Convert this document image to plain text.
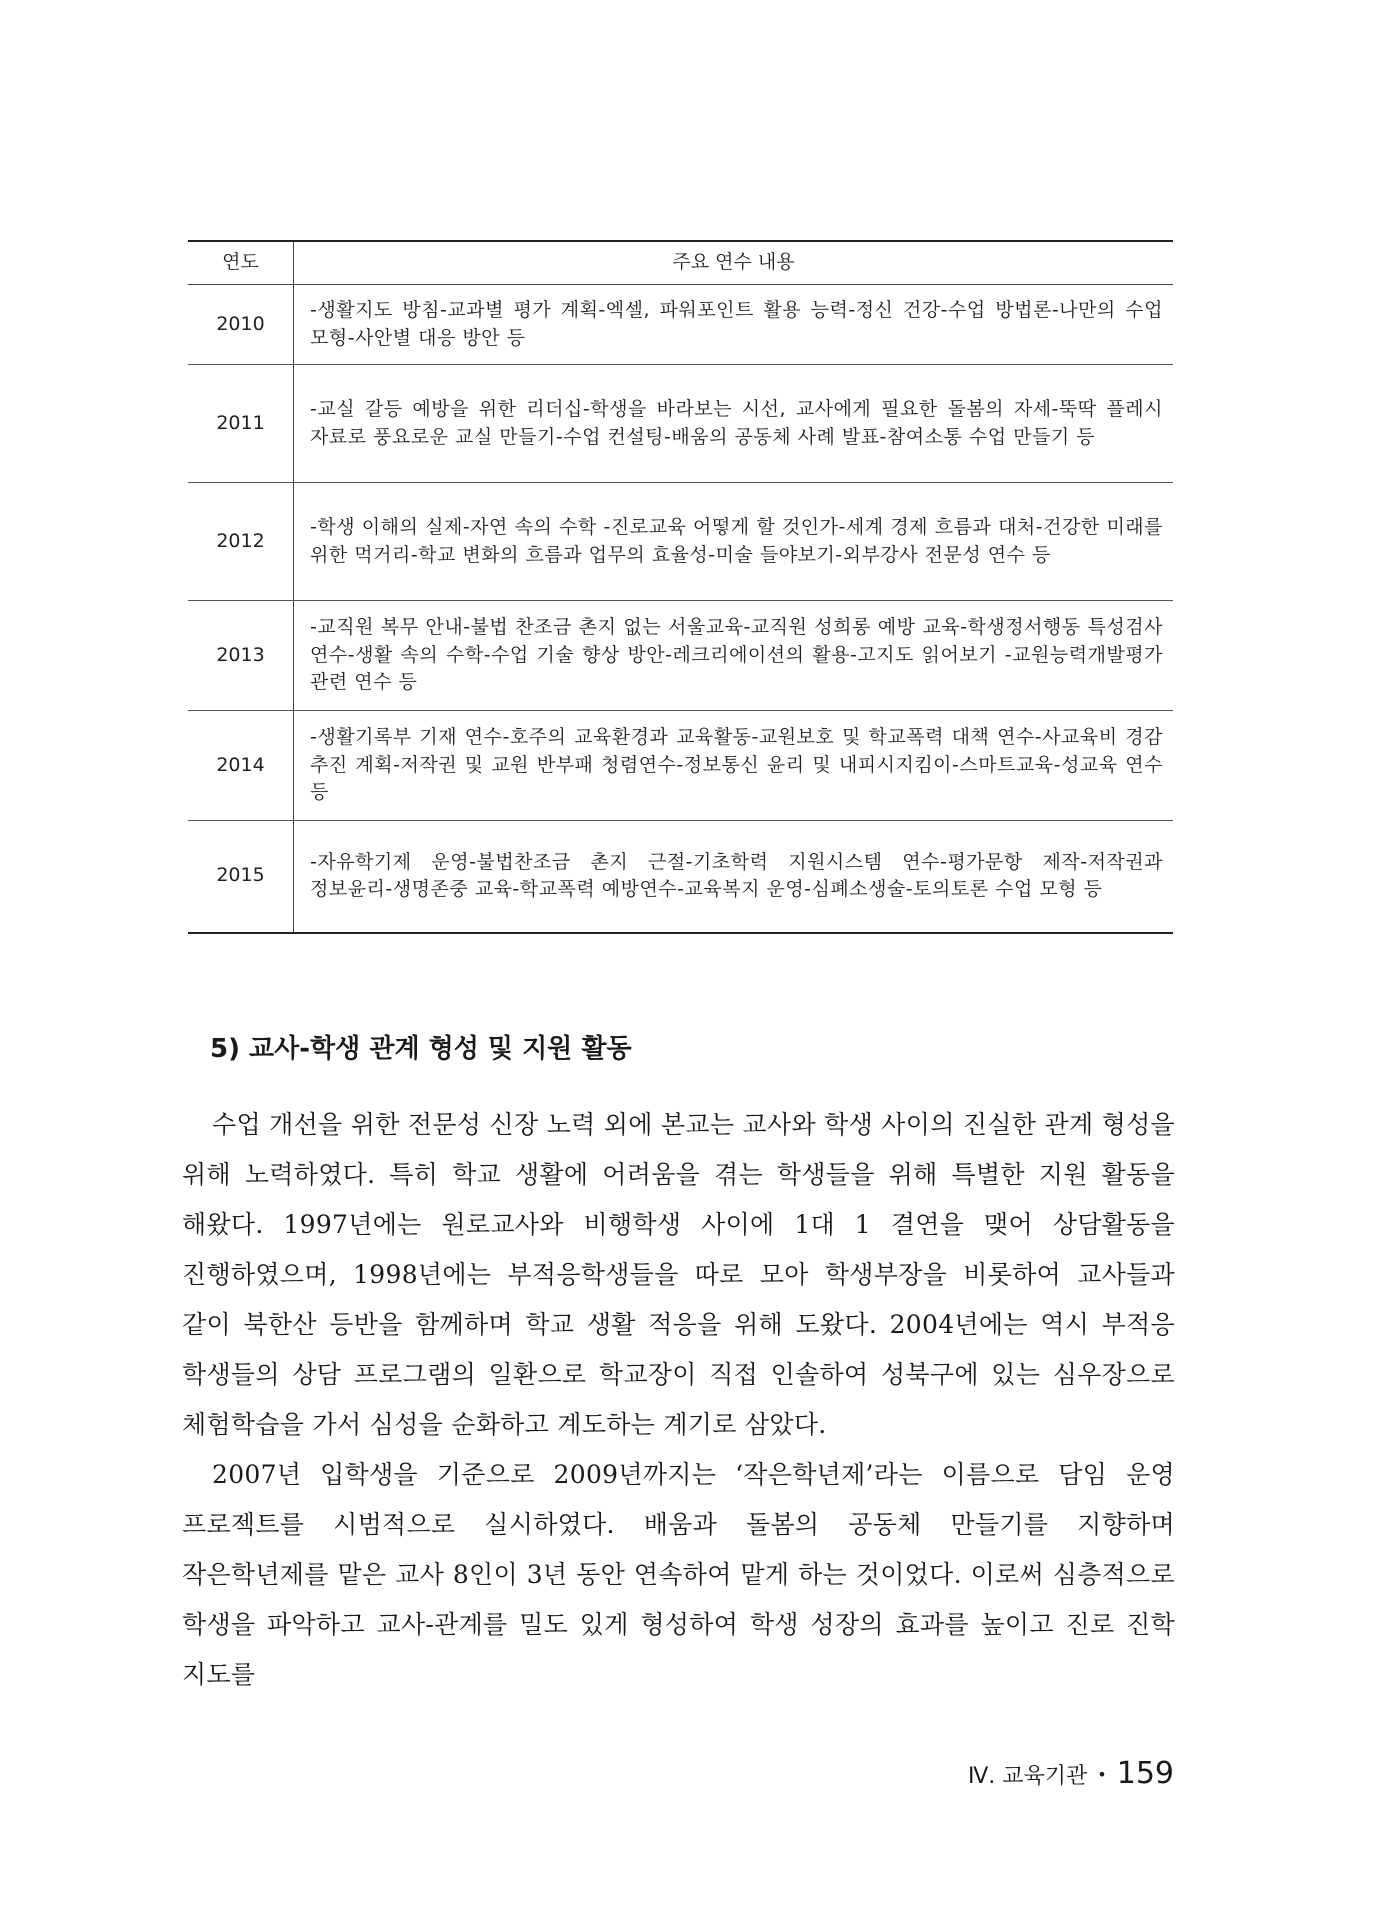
연도	주요 연수 내용
2010	-생활지도 방침-교과별 평가 계획-엑셀, 파워포인트 활용 능력-정신 건강-수업 방법론-나만의 수업 모형-사안별 대응 방안 등
2011	-교실 갈등 예방을 위한 리더십-학생을 바라보는 시선, 교사에게 필요한 돌봄의 자세-뚝딱 플레시 자료로 풍요로운 교실 만들기-수업 컨설팅-배움의 공동체 사례 발표-참여소통 수업 만들기 등
2012	-학생 이해의 실제-자연 속의 수학 -진로교육 어떻게 할 것인가-세계 경제 흐름과 대처-건강한 미래를 위한 먹거리-학교 변화의 흐름과 업무의 효율성-미술 들야보기-외부강사 전문성 연수 등
2013	-교직원 복무 안내-불법 찬조금 촌지 없는 서울교육-교직원 성희롱 예방 교육-학생정서행동 특성검사 연수-생활 속의 수학-수업 기술 향상 방안-레크리에이션의 활용-고지도 읽어보기 -교원능력개발평가 관련 연수 등
2014	-생활기록부 기재 연수-호주의 교육환경과 교육활동-교원보호 및 학교폭력 대책 연수-사교육비 경감 추진 계획-저작권 및 교원 반부패 청렴연수-정보통신 윤리 및 내피시지킴이-스마트교육-성교육 연수 등
2015	-자유학기제 운영-불법찬조금 촌지 근절-기초학력 지원시스템 연수-평가문항 제작-저작권과 정보윤리-생명존중 교육-학교폭력 예방연수-교육복지 운영-심폐소생술-토의토론 수업 모형 등
5) 교사-학생 관계 형성 및 지원 활동

수업 개선을 위한 전문성 신장 노력 외에 본교는 교사와 학생 사이의 진실한 관계 형성을 위해 노력하였다. 특히 학교 생활에 어려움을 겪는 학생들을 위해 특별한 지원 활동을 해왔다. 1997년에는 원로교사와 비행학생 사이에 1대 1 결연을 맺어 상담활동을 진행하였으며, 1998년에는 부적응학생들을 따로 모아 학생부장을 비롯하여 교사들과 같이 북한산 등반을 함께하며 학교 생활 적응을 위해 도왔다. 2004년에는 역시 부적응 학생들의 상담 프로그램의 일환으로 학교장이 직접 인솔하여 성북구에 있는 심우장으로 체험학습을 가서 심성을 순화하고 계도하는 계기로 삼았다.

2007년 입학생을 기준으로 2009년까지는 ‘작은학년제’라는 이름으로 담임 운영 프로젝트를 시범적으로 실시하였다. 배움과 돌봄의 공동체 만들기를 지향하며 작은학년제를 맡은 교사 8인이 3년 동안 연속하여 맡게 하는 것이었다. 이로써 심층적으로 학생을 파악하고 교사-관계를 밀도 있게 형성하여 학생 성장의 효과를 높이고 진로 진학 지도를

Ⅳ. 교육기관 • 159
